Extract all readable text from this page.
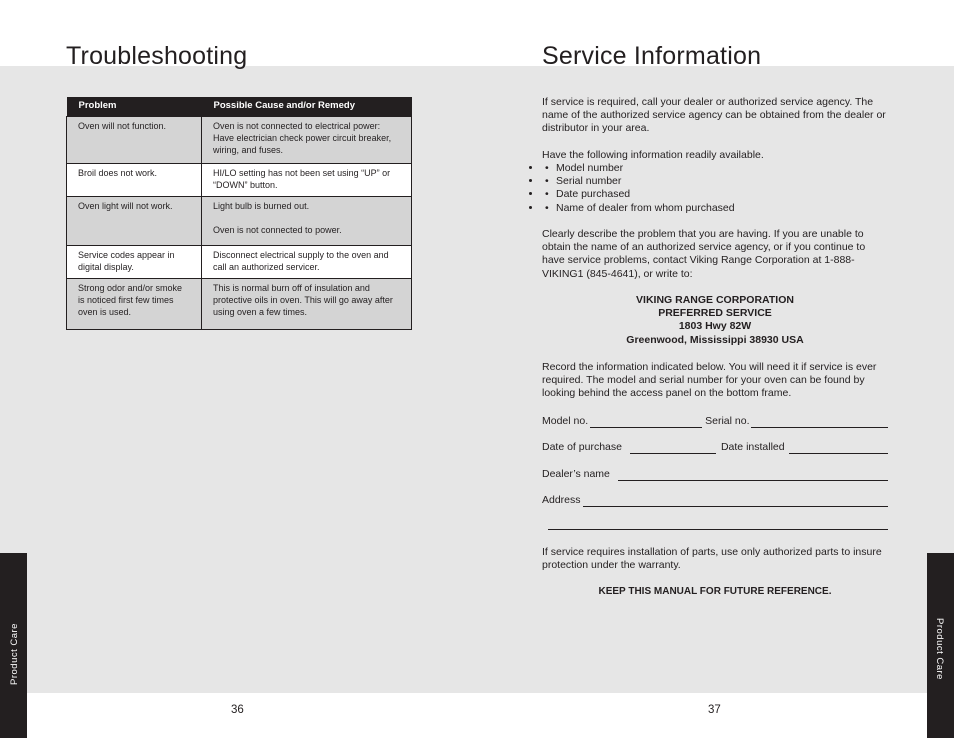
Troubleshooting	Service Information
Problem	Possible Cause and/or Remedy
Oven will not function.	Oven is not connected to electrical power: Have electrician check power circuit breaker, wiring, and fuses.
Broil does not work.	HI/LO setting has not been set using “UP” or “DOWN” button.
Oven light will not work.	Light bulb is burned out.
Oven is not connected to power.

Service codes appear in digital display.	Disconnect electrical supply to the oven and call an authorized servicer.
Strong odor and/or smoke is noticed first few times oven is used.	This is normal burn off of insulation and protective oils in oven. This will go away after using oven a few times.

If service is required, call your dealer or authorized service agency. The name of the authorized service agency can be obtained from the dealer or distributor in your area.

Have the following information readily available.

• • Model number
• • Serial number
• • Date purchased
• • Name of dealer from whom purchased

Clearly describe the problem that you are having. If you are unable to obtain the name of an authorized service agency, or if you continue to have service problems, contact Viking Range Corporation at 1-888-VIKING1 (845-4641), or write to:

VIKING RANGE CORPORATION
PREFERRED SERVICE
1803 Hwy 82W
Greenwood, Mississippi 38930 USA

Record the information indicated below. You will need it if service is ever required. The model and serial number for your oven can be found by looking behind the access panel on the bottom frame.

Model no.	Serial no.
Date of purchase	Date installed
Dealer’s name
Address

If service requires installation of parts, use only authorized parts to insure protection under the warranty.

KEEP THIS MANUAL FOR FUTURE REFERENCE.

Product Care	Product Care
36	37
